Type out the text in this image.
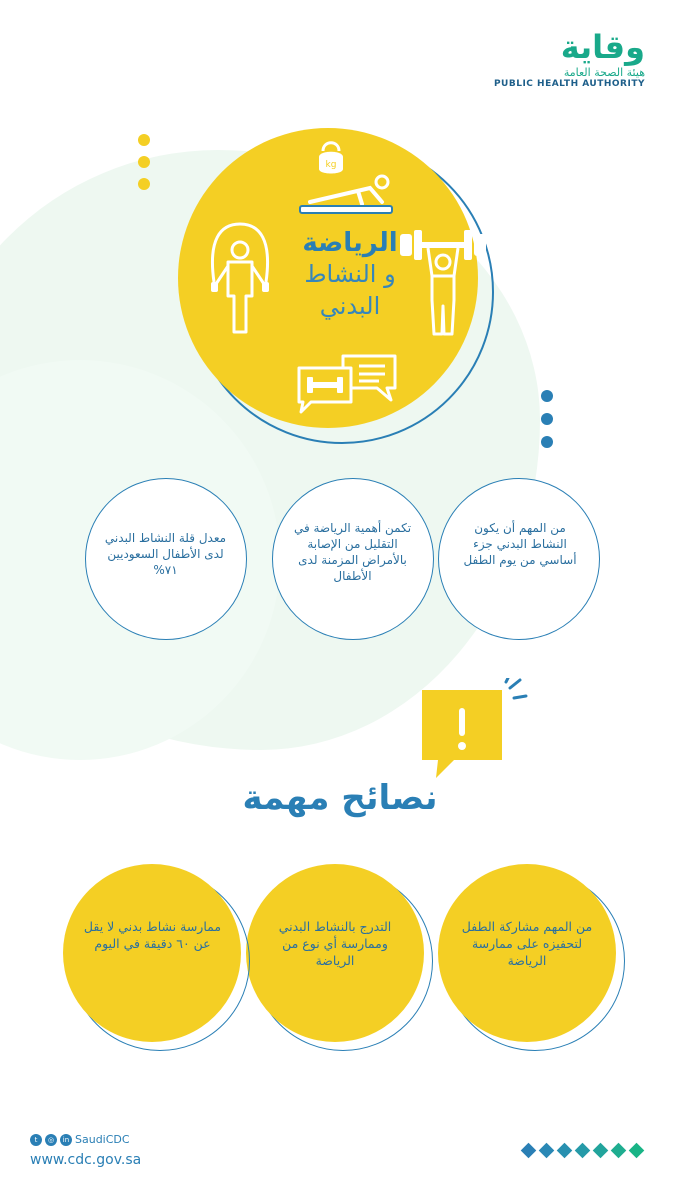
وقاية
هيئة الصحة العامة
PUBLIC HEALTH AUTHORITY
kg
الرياضة
و النشاط
البدني
من المهم أن يكون النشاط البدني جزء أساسي من يوم الطفل
تكمن أهمية الرياضة في التقليل من الإصابة بالأمراض المزمنة لدى الأطفال
معدل قلة النشاط البدني لدى الأطفال السعوديين ٧١%
نصائح مهمة
من المهم مشاركة الطفل لتحفيزه على ممارسة الرياضة
التدرج بالنشاط البدني وممارسة أي نوع من الرياضة
ممارسة نشاط بدني لا يقل عن ٦٠ دقيقة في اليوم
t	◎	in SaudiCDC
www.cdc.gov.sa
